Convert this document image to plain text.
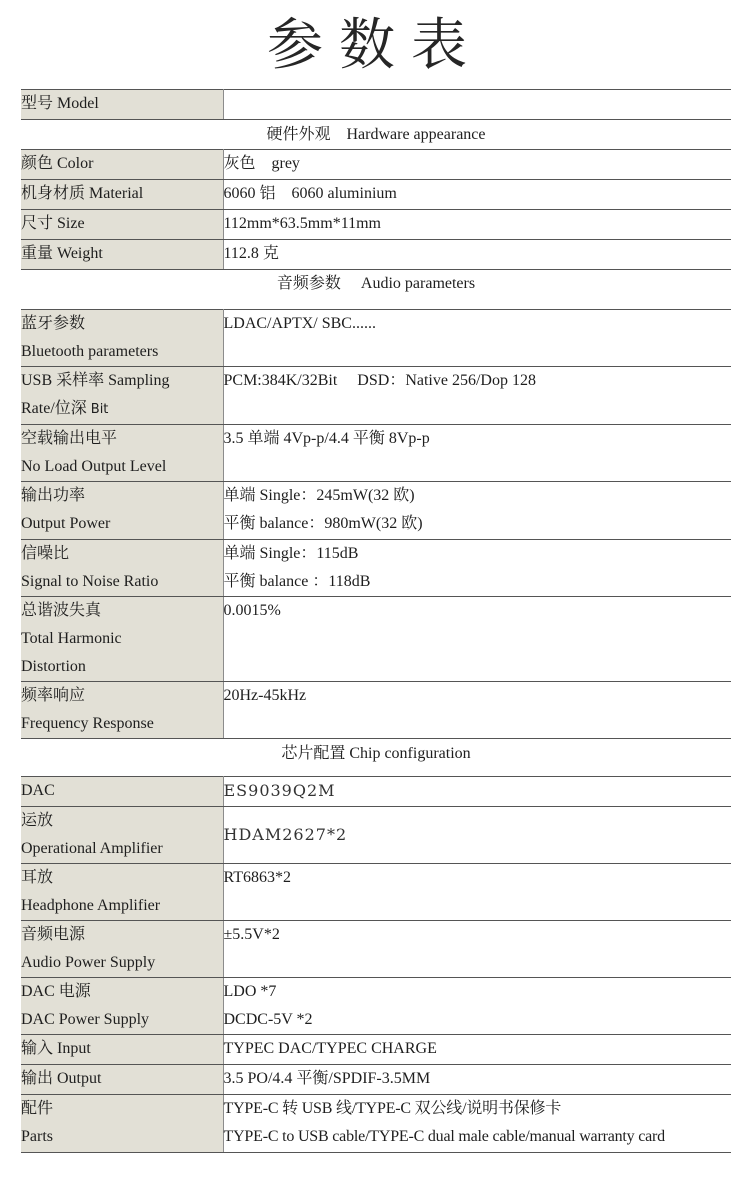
参数表
型号 Model	
硬件外观　Hardware appearance	
颜色 Color	灰色　grey
机身材质 Material	6060 铝　6060 aluminium
尺寸 Size	112mm*63.5mm*11mm
重量 Weight	112.8 克
音频参数　 Audio parameters	

蓝牙参数
Bluetooth parameters	LDAC/APTX/ SBC......

USB 采样率 Sampling
Rate/位深 Bit	PCM:384K/32Bit　 DSD：Native 256/Dop 128

空载输出电平
No Load Output Level	3.5 单端 4Vp-p/4.4 平衡 8Vp-p

输出功率
Output Power	单端 Single：245mW(32 欧)
平衡 balance：980mW(32 欧)

信噪比
Signal to Noise Ratio	单端 Single：115dB
平衡 balance ：118dB

总谐波失真
Total Harmonic
Distortion	0.0015%

频率响应
Frequency Response	20Hz-45kHz
芯片配置 Chip configuration	
DAC	ES9039Q2M

运放
Operational Amplifier	HDAM2627*2

耳放
Headphone Amplifier	RT6863*2

音频电源
Audio Power Supply	±5.5V*2

DAC 电源
DAC Power Supply	LDO *7
DCDC-5V *2

输入 Input	TYPEC DAC/TYPEC CHARGE
输出 Output	3.5 PO/4.4 平衡/SPDIF-3.5MM

配件
Parts	TYPE-C 转 USB 线/TYPE-C 双公线/说明书保修卡
TYPE-C to USB cable/TYPE-C dual male cable/manual warranty card
